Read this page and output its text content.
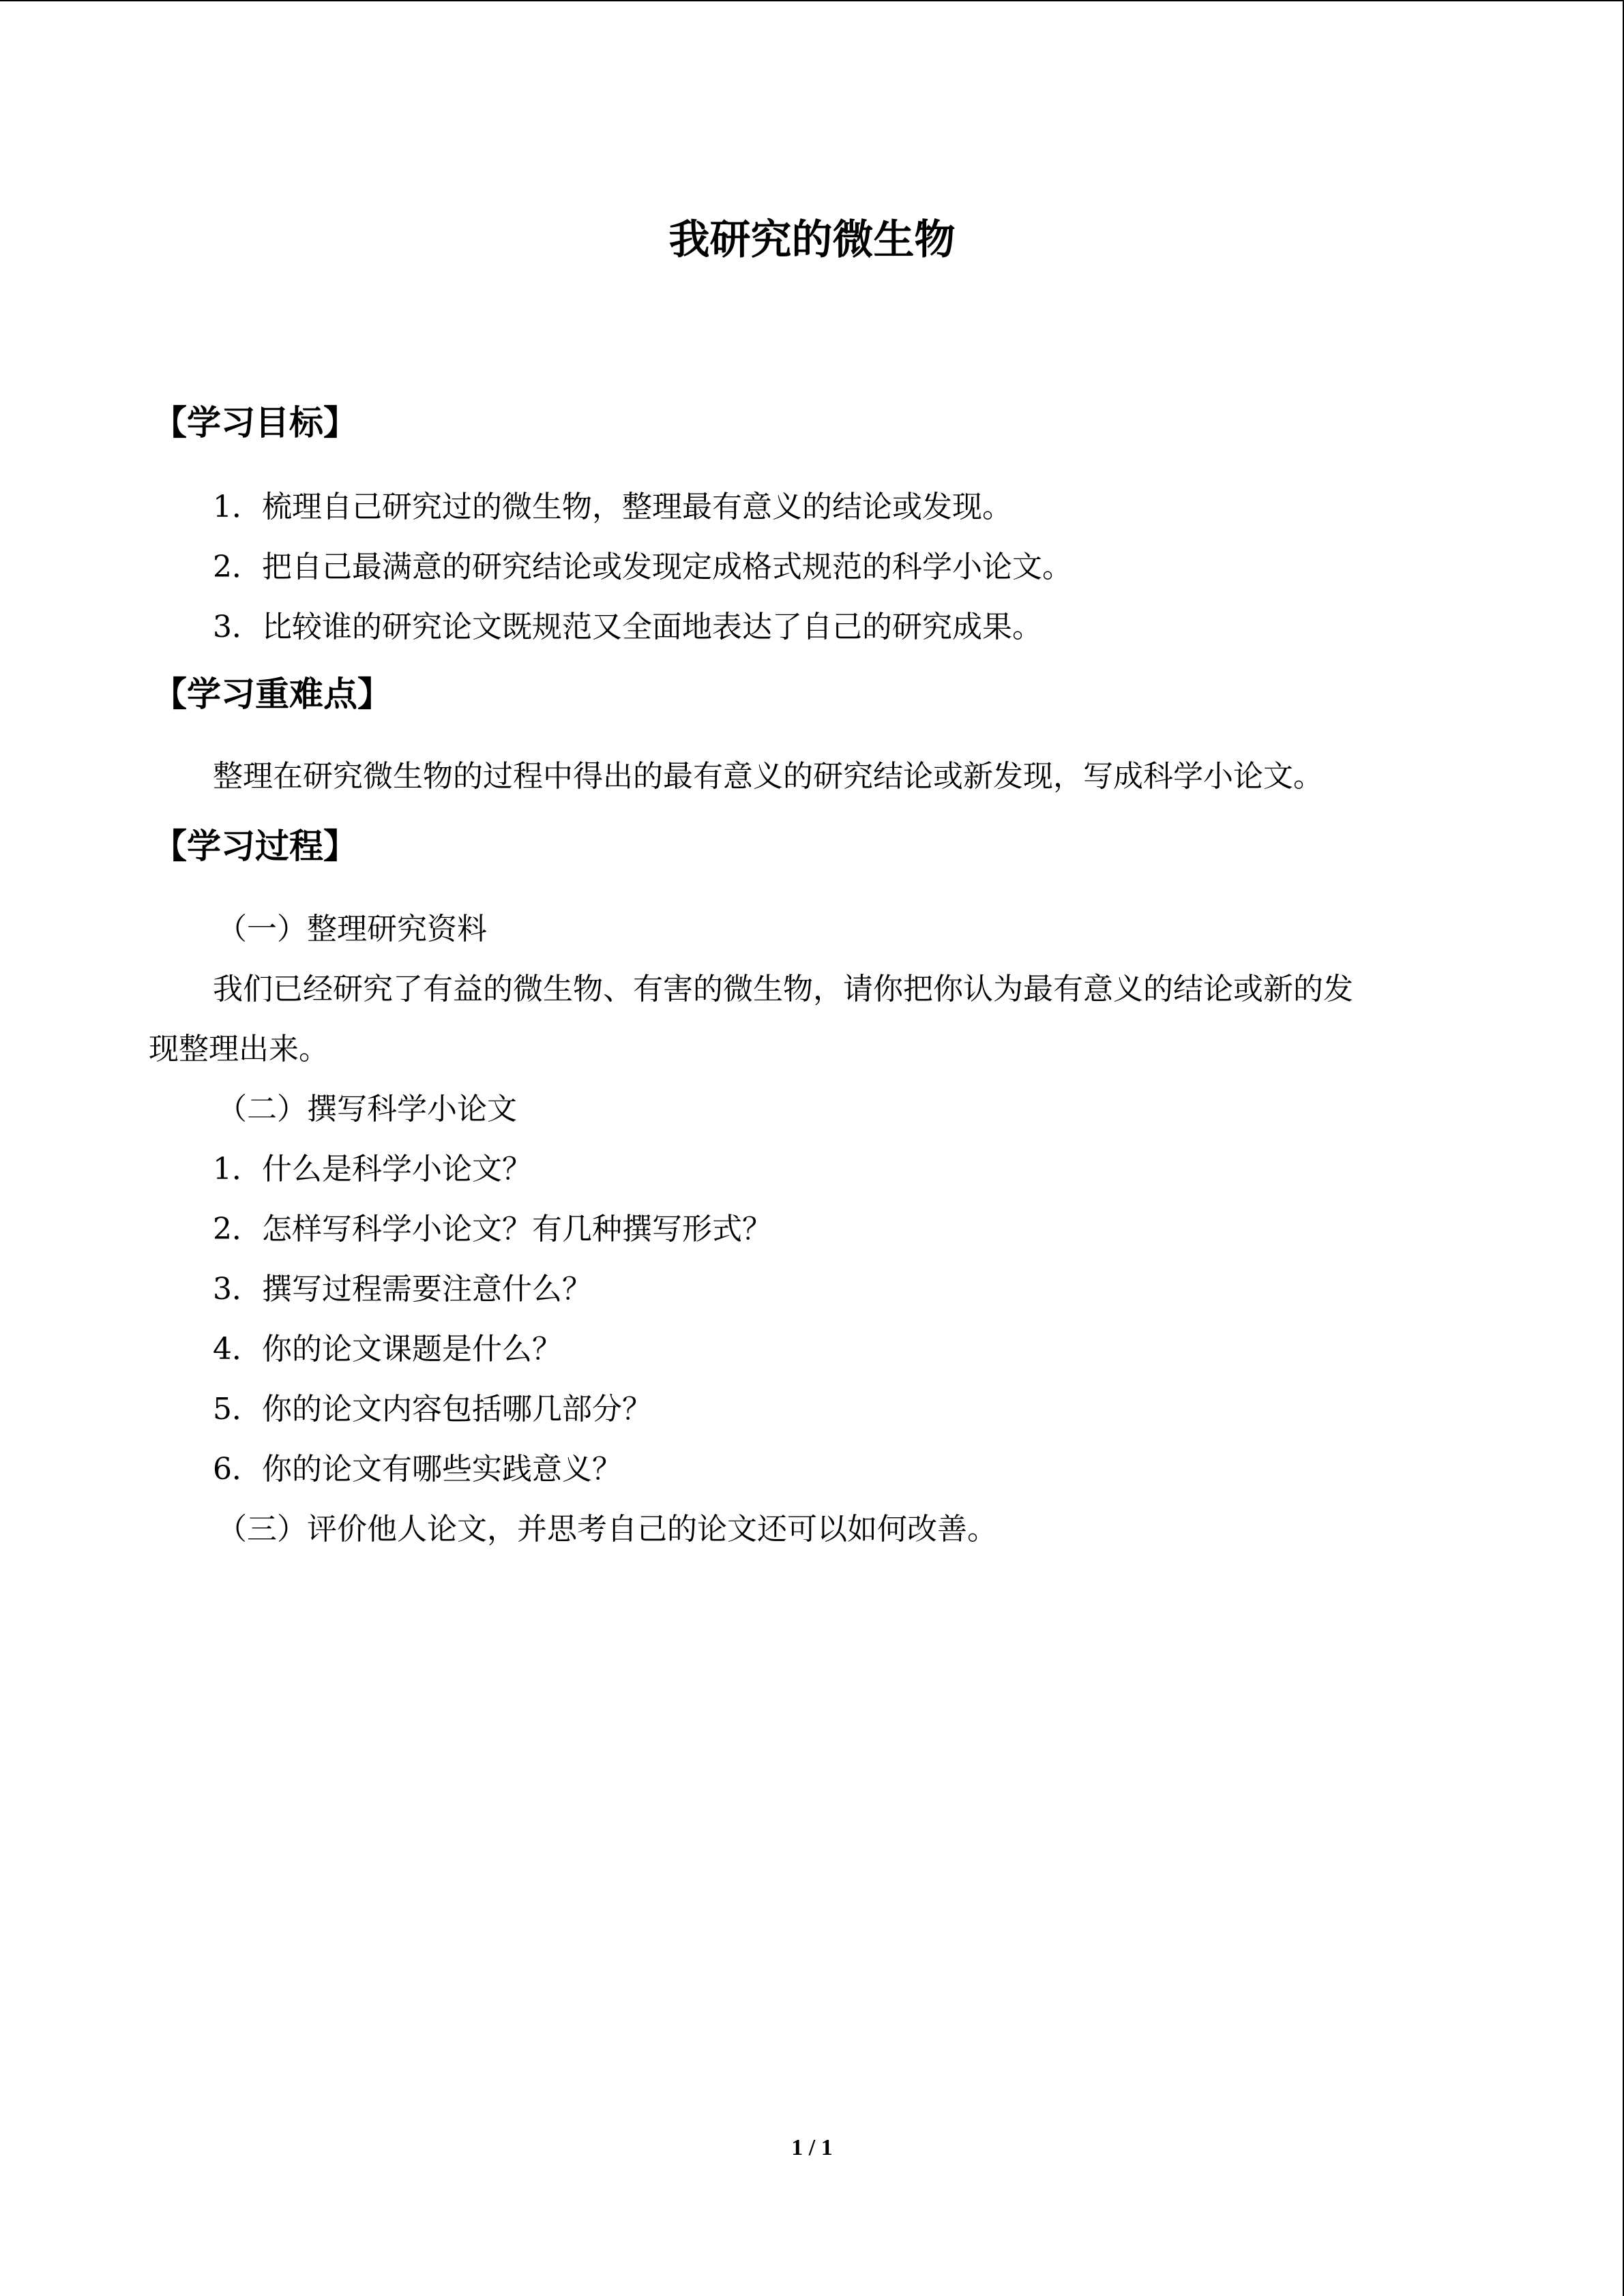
我研究的微生物
【学习目标】

1．梳理自己研究过的微生物，整理最有意义的结论或发现。

2．把自己最满意的研究结论或发现定成格式规范的科学小论文。

3．比较谁的研究论文既规范又全面地表达了自己的研究成果。

【学习重难点】

整理在研究微生物的过程中得出的最有意义的研究结论或新发现，写成科学小论文。

【学习过程】

（一）整理研究资料

我们已经研究了有益的微生物、有害的微生物，请你把你认为最有意义的结论或新的发

现整理出来。

（二）撰写科学小论文

1．什么是科学小论文？

2．怎样写科学小论文？有几种撰写形式？

3．撰写过程需要注意什么？

4．你的论文课题是什么？

5．你的论文内容包括哪几部分？

6．你的论文有哪些实践意义？

（三）评价他人论文，并思考自己的论文还可以如何改善。

1 / 1
